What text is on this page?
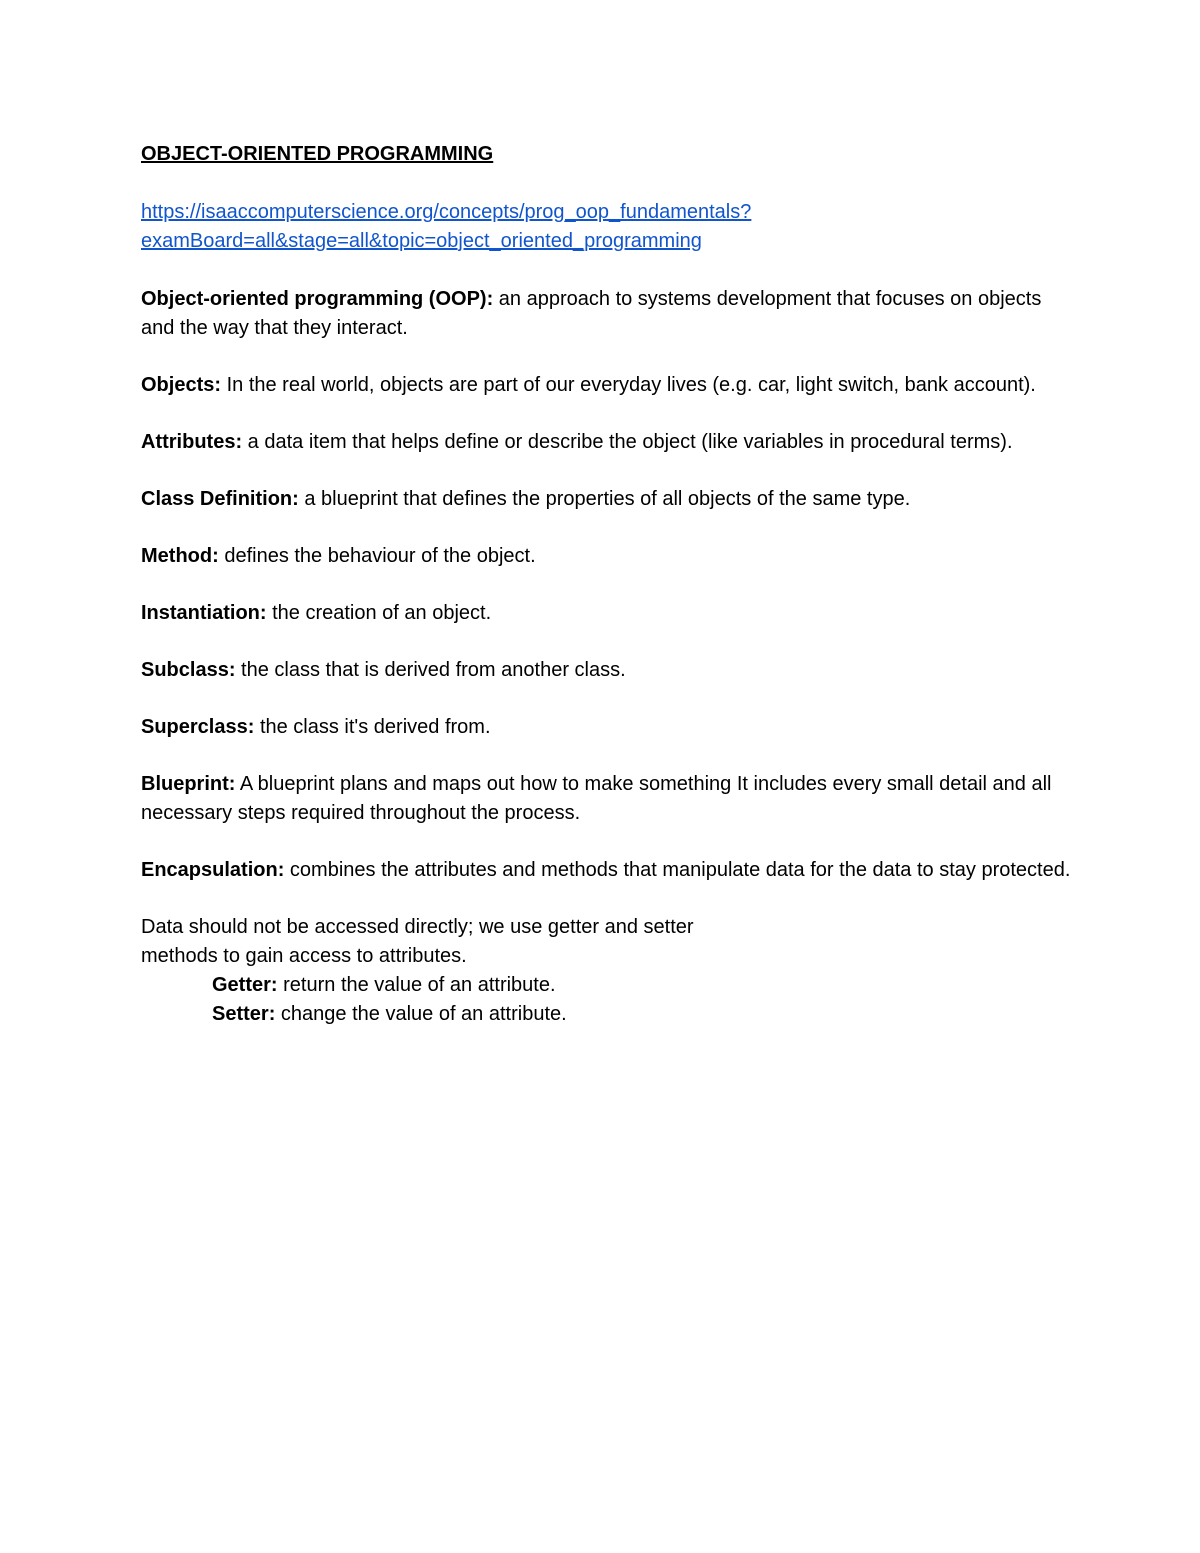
OBJECT-ORIENTED PROGRAMMING
https://isaaccomputerscience.org/concepts/prog_oop_fundamentals?
examBoard=all&stage=all&topic=object_oriented_programming
Object-oriented programming (OOP): an approach to systems development that focuses on objects and the way that they interact.
Objects: In the real world, objects are part of our everyday lives (e.g. car, light switch, bank account).
Attributes: a data item that helps define or describe the object (like variables in procedural terms).
Class Definition: a blueprint that defines the properties of all objects of the same type.
Method: defines the behaviour of the object.
Instantiation: the creation of an object.
Subclass: the class that is derived from another class.
Superclass: the class it's derived from.
Blueprint: A blueprint plans and maps out how to make something It includes every small detail and all necessary steps required throughout the process.
Encapsulation: combines the attributes and methods that manipulate data for the data to stay protected.
Data should not be accessed directly; we use getter and setter
methods to gain access to attributes.
Getter: return the value of an attribute.
Setter: change the value of an attribute.
